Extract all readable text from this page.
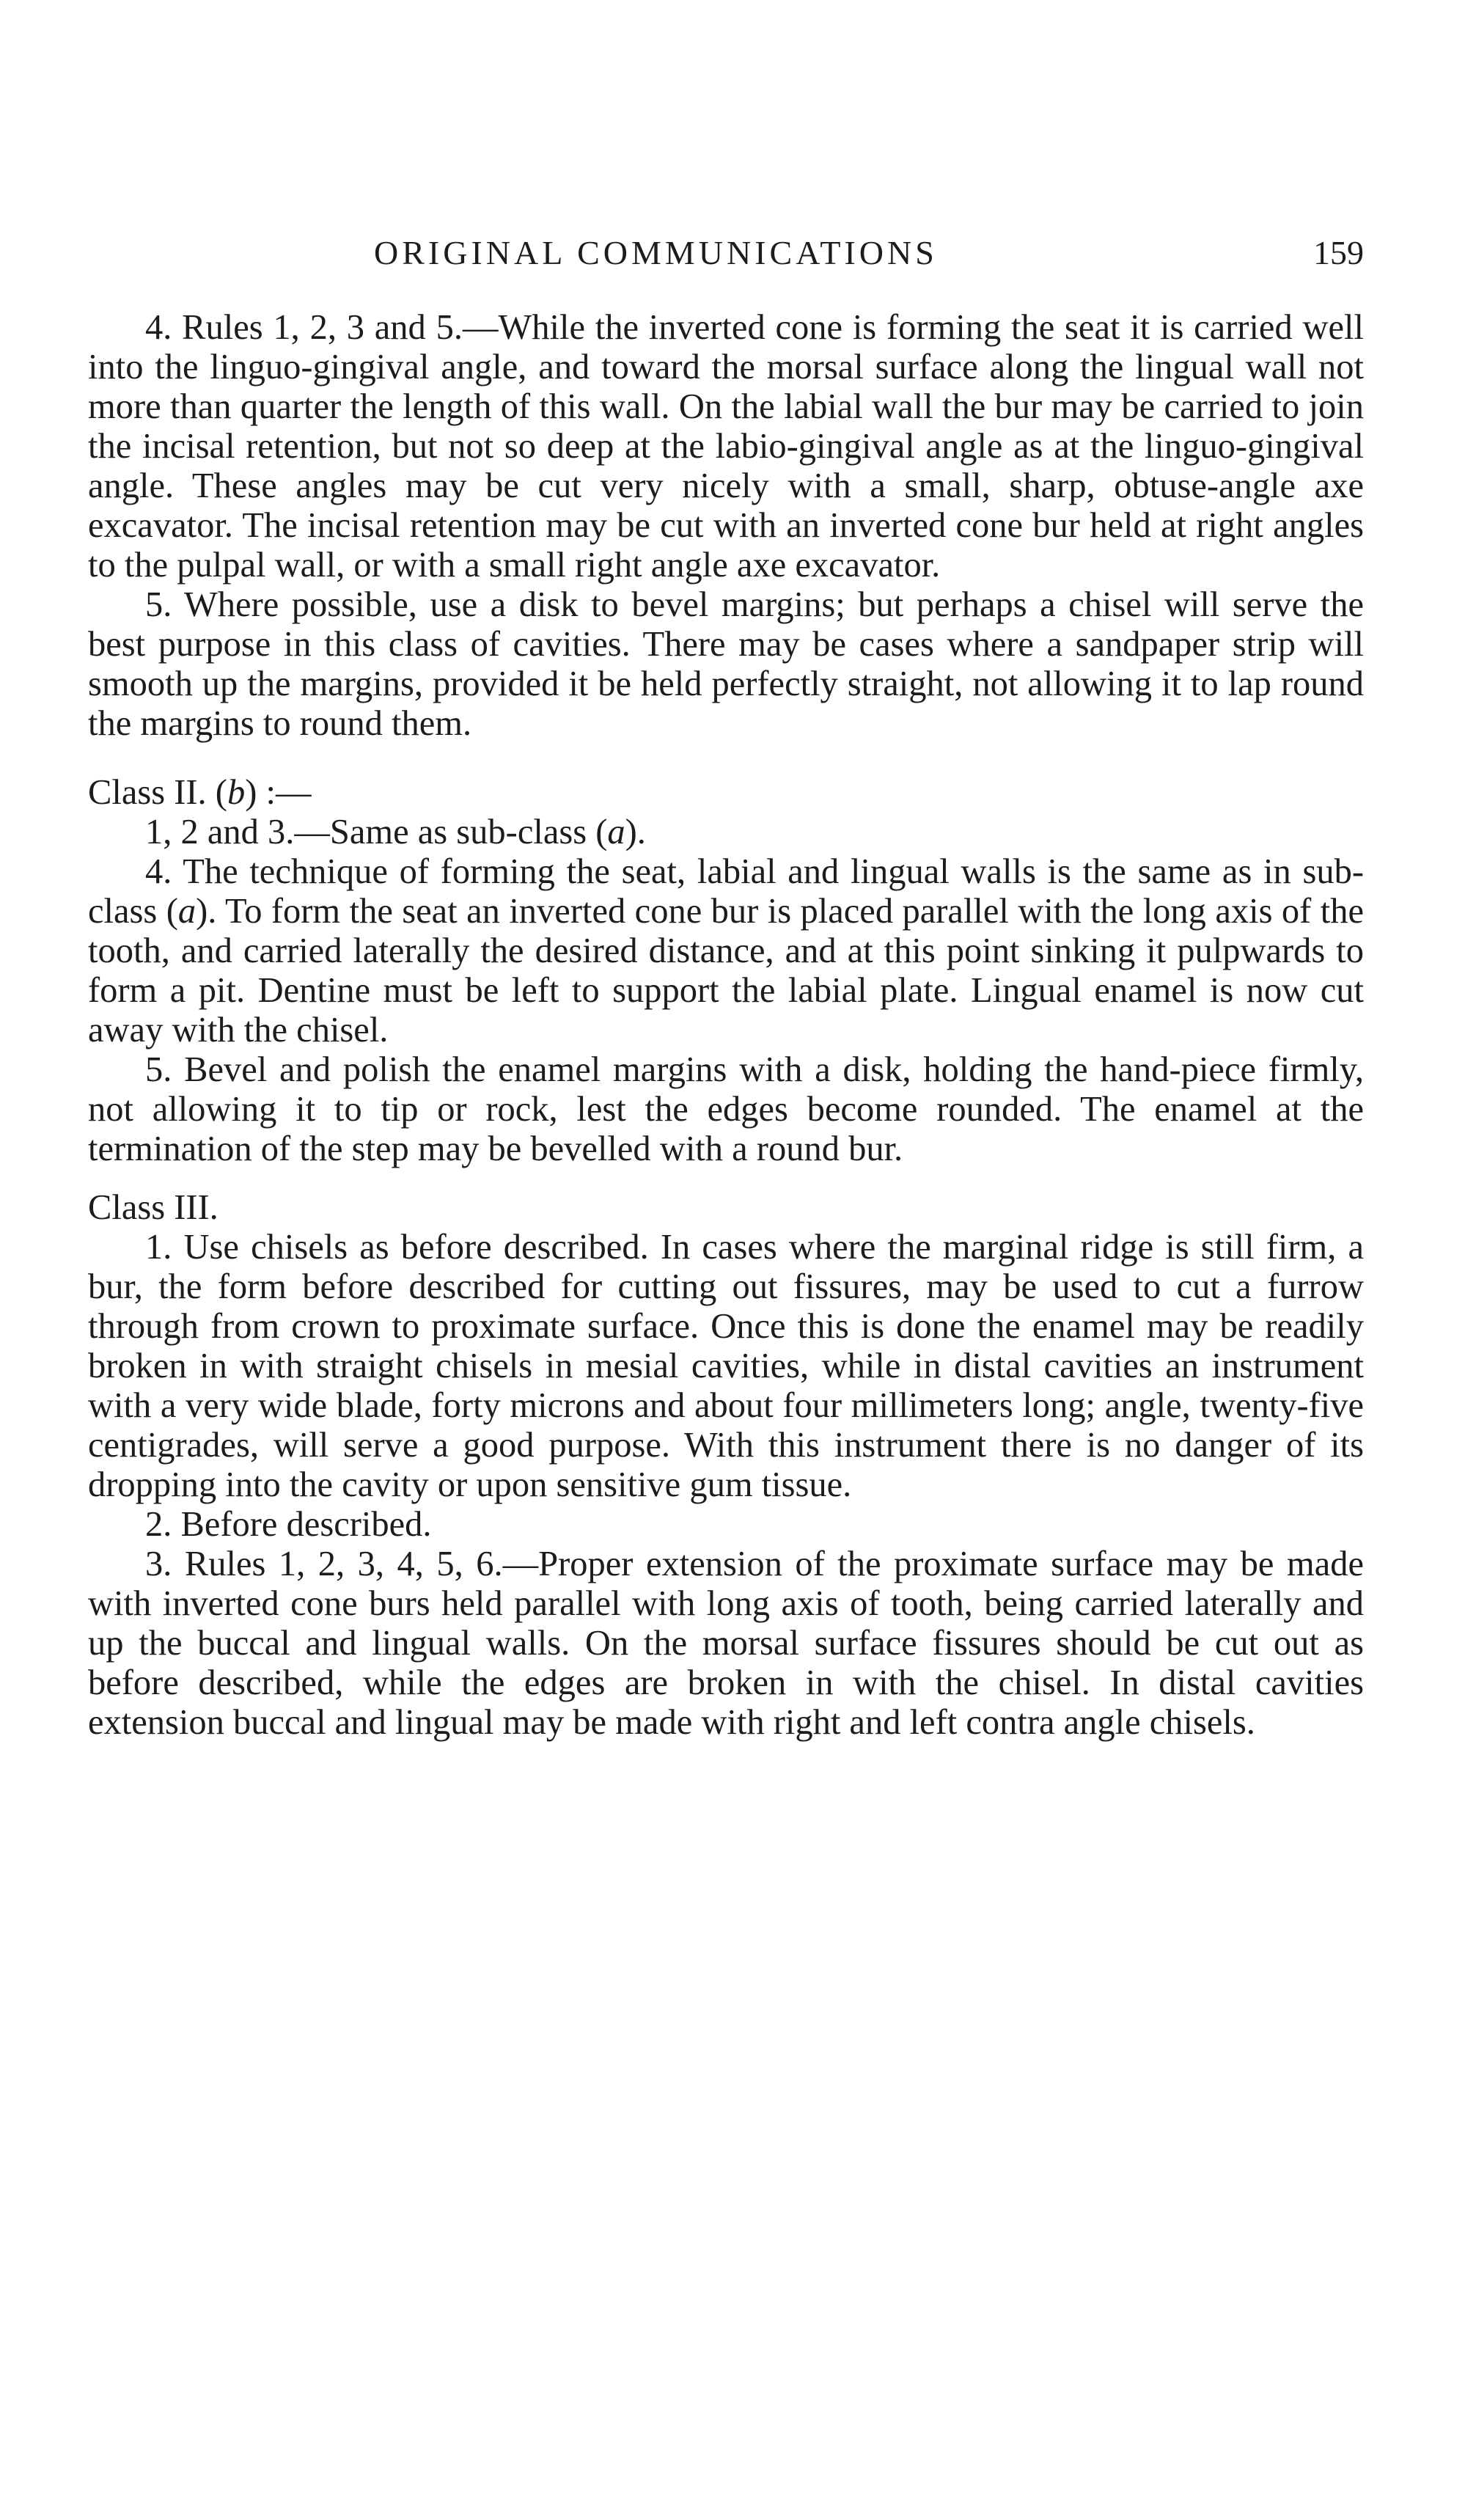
ORIGINAL COMMUNICATIONS	159

4. Rules 1, 2, 3 and 5.—While the inverted cone is forming the seat it is carried well into the linguo-gingival angle, and toward the morsal surface along the lingual wall not more than quarter the length of this wall. On the labial wall the bur may be carried to join the incisal retention, but not so deep at the labio-gingival angle as at the linguo-gingival angle. These angles may be cut very nicely with a small, sharp, obtuse-angle axe excavator. The incisal retention may be cut with an inverted cone bur held at right angles to the pulpal wall, or with a small right angle axe excavator.

5. Where possible, use a disk to bevel margins; but perhaps a chisel will serve the best purpose in this class of cavities. There may be cases where a sandpaper strip will smooth up the margins, provided it be held perfectly straight, not allowing it to lap round the margins to round them.

Class II. (b) :—

1, 2 and 3.—Same as sub-class (a).

4. The technique of forming the seat, labial and lingual walls is the same as in sub-class (a). To form the seat an inverted cone bur is placed parallel with the long axis of the tooth, and carried laterally the desired distance, and at this point sinking it pulpwards to form a pit. Dentine must be left to support the labial plate. Lingual enamel is now cut away with the chisel.

5. Bevel and polish the enamel margins with a disk, holding the hand-piece firmly, not allowing it to tip or rock, lest the edges become rounded. The enamel at the termination of the step may be bevelled with a round bur.

Class III.

1. Use chisels as before described. In cases where the marginal ridge is still firm, a bur, the form before described for cutting out fissures, may be used to cut a furrow through from crown to proximate surface. Once this is done the enamel may be readily broken in with straight chisels in mesial cavities, while in distal cavities an instrument with a very wide blade, forty microns and about four millimeters long; angle, twenty-five centigrades, will serve a good purpose. With this instrument there is no danger of its dropping into the cavity or upon sensitive gum tissue.

2. Before described.

3. Rules 1, 2, 3, 4, 5, 6.—Proper extension of the proximate surface may be made with inverted cone burs held parallel with long axis of tooth, being carried laterally and up the buccal and lingual walls. On the morsal surface fissures should be cut out as before described, while the edges are broken in with the chisel. In distal cavities extension buccal and lingual may be made with right and left contra angle chisels.
